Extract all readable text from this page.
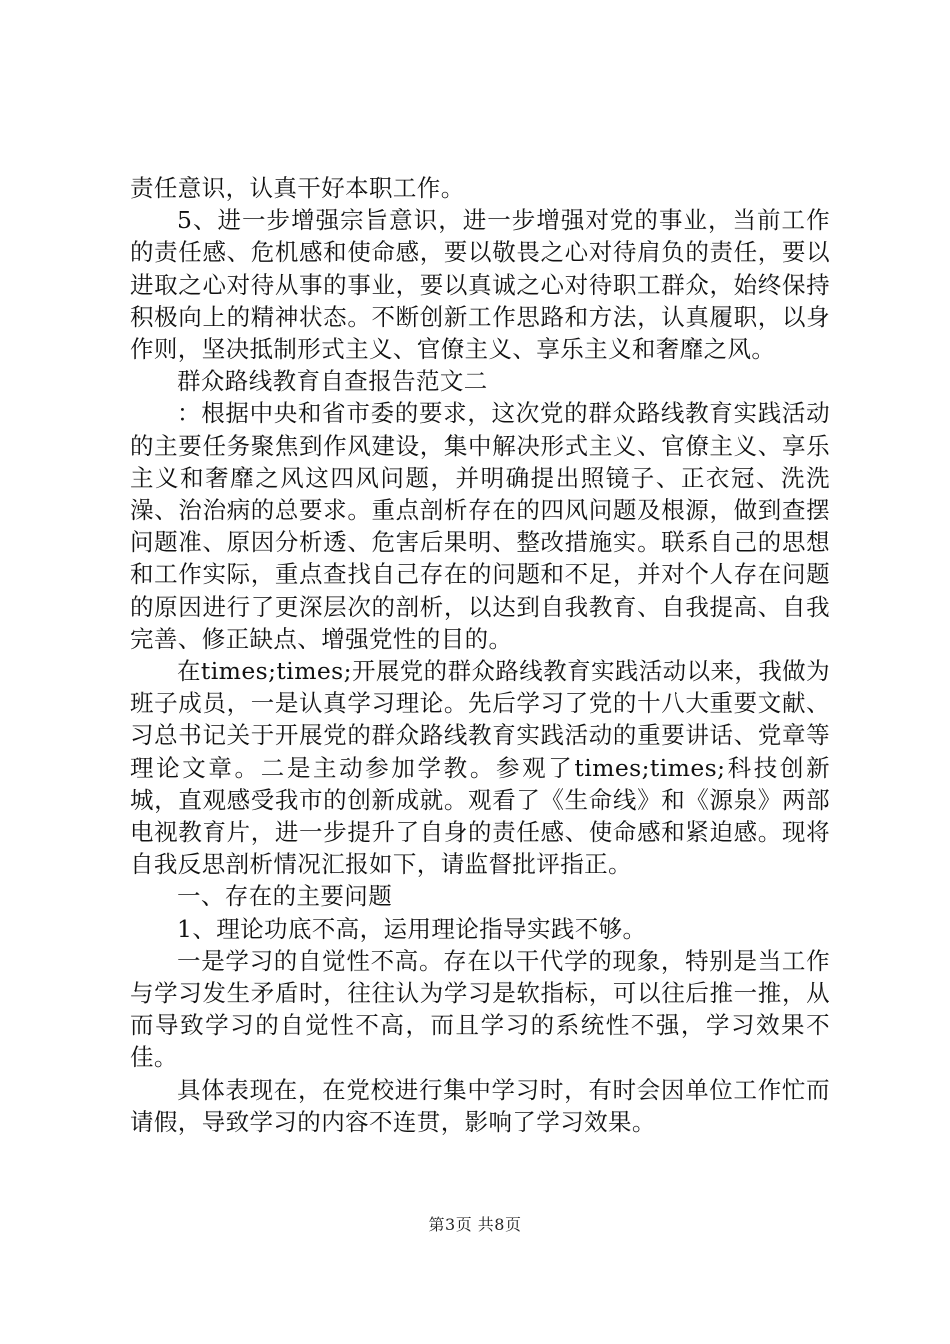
责任意识，认真干好本职工作。

5、进一步增强宗旨意识，进一步增强对党的事业，当前工作的责任感、危机感和使命感，要以敬畏之心对待肩负的责任，要以进取之心对待从事的事业，要以真诚之心对待职工群众，始终保持积极向上的精神状态。不断创新工作思路和方法，认真履职，以身作则，坚决抵制形式主义、官僚主义、享乐主义和奢靡之风。

群众路线教育自查报告范文二

：根据中央和省市委的要求，这次党的群众路线教育实践活动的主要任务聚焦到作风建设，集中解决形式主义、官僚主义、享乐主义和奢靡之风这四风问题，并明确提出照镜子、正衣冠、洗洗澡、治治病的总要求。重点剖析存在的四风问题及根源，做到查摆问题准、原因分析透、危害后果明、整改措施实。联系自己的思想和工作实际，重点查找自己存在的问题和不足，并对个人存在问题的原因进行了更深层次的剖析，以达到自我教育、自我提高、自我完善、修正缺点、增强党性的目的。

在times;times;开展党的群众路线教育实践活动以来，我做为班子成员，一是认真学习理论。先后学习了党的十八大重要文献、习总书记关于开展党的群众路线教育实践活动的重要讲话、党章等理论文章。二是主动参加学教。参观了times;times;科技创新城，直观感受我市的创新成就。观看了《生命线》和《源泉》两部电视教育片，进一步提升了自身的责任感、使命感和紧迫感。现将自我反思剖析情况汇报如下，请监督批评指正。

一、存在的主要问题

1、理论功底不高，运用理论指导实践不够。

一是学习的自觉性不高。存在以干代学的现象，特别是当工作与学习发生矛盾时，往往认为学习是软指标，可以往后推一推，从而导致学习的自觉性不高，而且学习的系统性不强，学习效果不佳。

具体表现在，在党校进行集中学习时，有时会因单位工作忙而请假，导致学习的内容不连贯，影响了学习效果。

第3页 共8页
